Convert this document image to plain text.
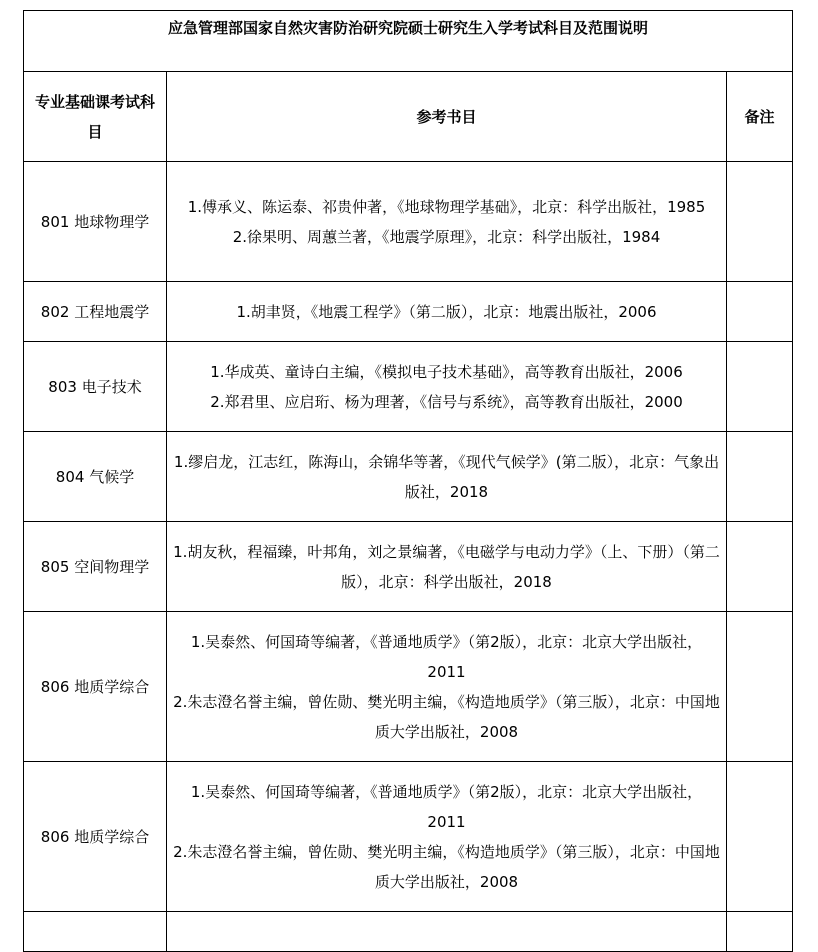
应急管理部国家自然灾害防治研究院硕士研究生入学考试科目及范围说明		
专业基础课考试科目	参考书目	备注
801 地球物理学	1.傅承义、陈运泰、祁贵仲著，《地球物理学基础》，北京：科学出版社，1985
2.徐果明、周蕙兰著，《地震学原理》，北京：科学出版社，1984	

802 工程地震学	1.胡聿贤，《地震工程学》（第二版），北京：地震出版社，2006	

803 电子技术	1.华成英、童诗白主编，《模拟电子技术基础》，高等教育出版社，2006
2.郑君里、应启珩、杨为理著，《信号与系统》，高等教育出版社，2000	

804 气候学	1.缪启龙，江志红，陈海山，余锦华等著，《现代气候学》(第二版），北京：气象出版社，2018	

805 空间物理学	1.胡友秋，程福臻，叶邦角，刘之景编著，《电磁学与电动力学》（上、下册）（第二版），北京：科学出版社，2018	

806 地质学综合	1.吴泰然、何国琦等编著，《普通地质学》（第2版），北京：北京大学出版社，2011
2.朱志澄名誉主编，曾佐勋、樊光明主编，《构造地质学》（第三版），北京：中国地质大学出版社，2008	

806 地质学综合	1.吴泰然、何国琦等编著，《普通地质学》（第2版），北京：北京大学出版社，2011
2.朱志澄名誉主编，曾佐勋、樊光明主编，《构造地质学》（第三版），北京：中国地质大学出版社，2008	
